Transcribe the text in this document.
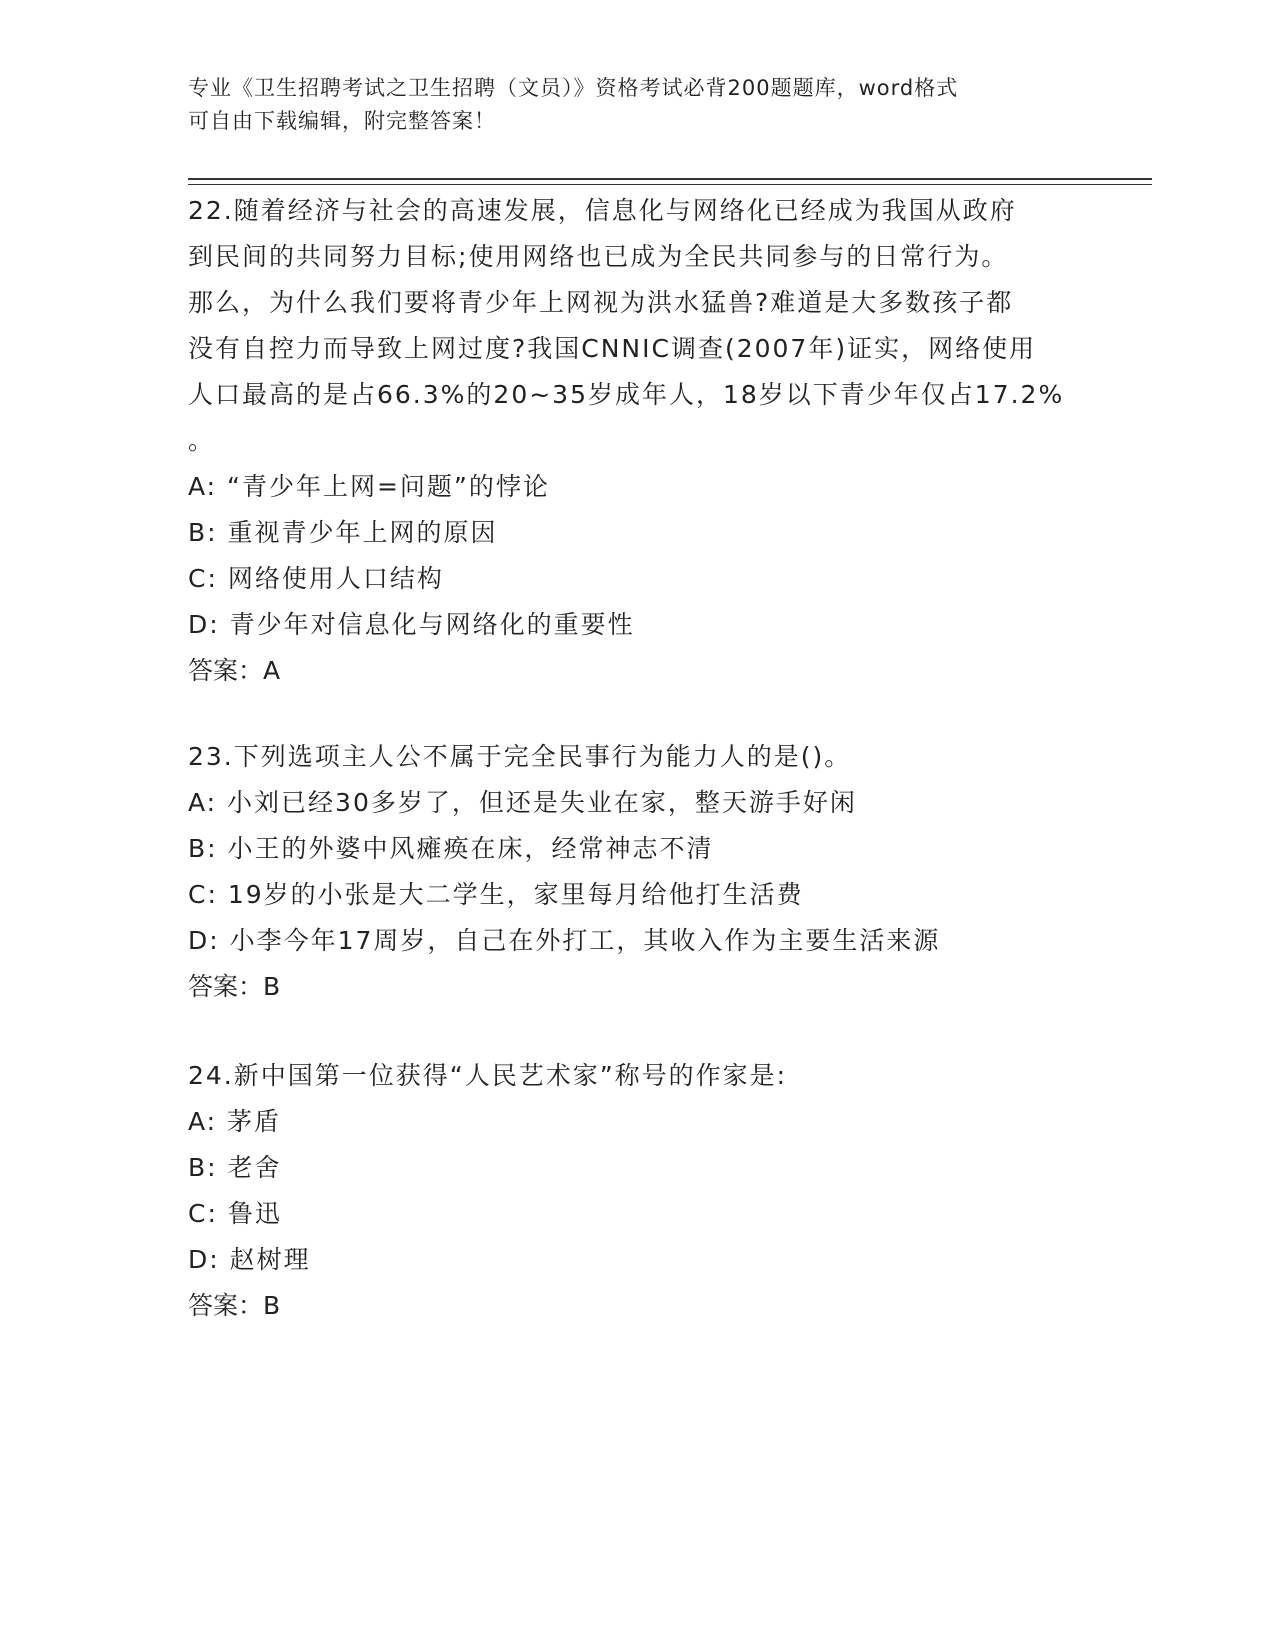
专业《卫生招聘考试之卫生招聘（文员）》资格考试必背200题题库，word格式
可自由下载编辑，附完整答案！
22.随着经济与社会的高速发展，信息化与网络化已经成为我国从政府
到民间的共同努力目标;使用网络也已成为全民共同参与的日常行为。
那么，为什么我们要将青少年上网视为洪水猛兽?难道是大多数孩子都
没有自控力而导致上网过度?我国CNNIC调查(2007年)证实，网络使用
人口最高的是占66.3%的20~35岁成年人，18岁以下青少年仅占17.2%
。
A: “青少年上网=问题”的悖论
B: 重视青少年上网的原因
C: 网络使用人口结构
D: 青少年对信息化与网络化的重要性
答案：A
23.下列选项主人公不属于完全民事行为能力人的是()。
A: 小刘已经30多岁了，但还是失业在家，整天游手好闲
B: 小王的外婆中风瘫痪在床，经常神志不清
C: 19岁的小张是大二学生，家里每月给他打生活费
D: 小李今年17周岁，自己在外打工，其收入作为主要生活来源
答案：B
24.新中国第一位获得“人民艺术家”称号的作家是:
A: 茅盾
B: 老舍
C: 鲁迅
D: 赵树理
答案：B
